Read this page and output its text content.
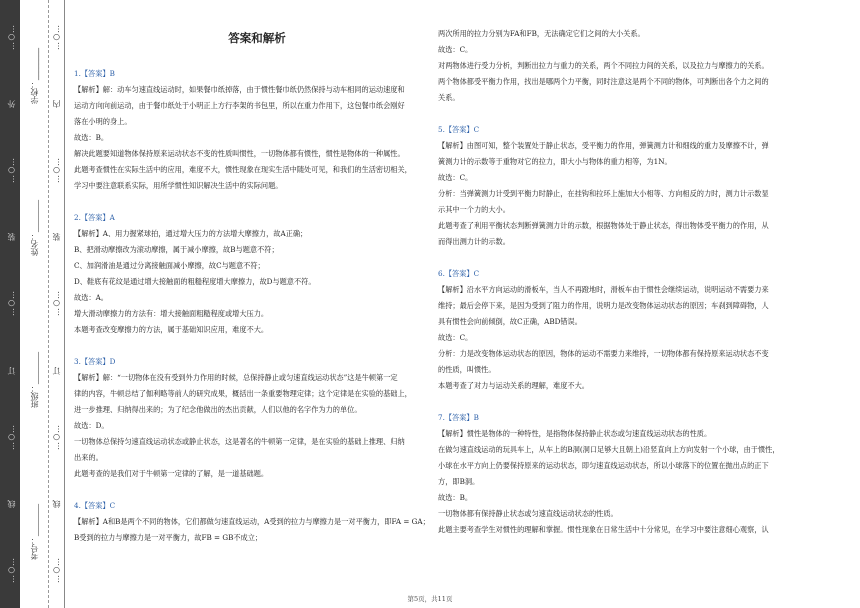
…○…
外
…○…
装
…○…
订
…○…
线
…○…
学校：________
姓名：________
班级：________
考号：________
…○…
内
…○…
装
…○…
订
…○…
线
…○…
答案和解析

1.【答案】B

【解析】解：动车匀速直线运动时，如果餐巾纸掉落，由于惯性餐巾纸仍然保持与动车相同的运动速度和

运动方向向前运动，由于餐巾纸处于小明正上方行李架的书包里，所以在重力作用下，这包餐巾纸会刚好

落在小明的身上。

故选：B。

解决此题要知道物体保持原来运动状态不变的性质叫惯性，一切物体都有惯性，惯性是物体的一种属性。

此题考查惯性在实际生活中的应用，难度不大，惯性现象在现实生活中随处可见，和我们的生活密切相关，

学习中要注意联系实际，用所学惯性知识解决生活中的实际问题。

2.【答案】A

【解析】A、用力握紧球拍，通过增大压力的方法增大摩擦力，故A正确；

B、把滑动摩擦改为滚动摩擦，属于减小摩擦，故B与题意不符；

C、加润滑油是通过分离接触面减小摩擦，故C与题意不符；

D、鞋底有花纹是通过增大接触面的粗糙程度增大摩擦力，故D与题意不符。

故选：A。

增大滑动摩擦力的方法有：增大接触面粗糙程度或增大压力。

本题考查改变摩擦力的方法，属于基础知识应用，难度不大。

3.【答案】D

【解析】解：“一切物体在没有受到外力作用的时候，总保持静止或匀速直线运动状态”这是牛顿第一定

律的内容，牛顿总结了伽利略等前人的研究成果，概括出一条重要物理定律；这个定律是在实验的基础上，

进一步推理、归纳得出来的；为了纪念他做出的杰出贡献，人们以他的名字作为力的单位。

故选：D。

一切物体总保持匀速直线运动状态或静止状态，这是著名的牛顿第一定律，是在实验的基础上推理、归纳

出来的。

此题考查的是我们对于牛顿第一定律的了解，是一道基础题。

4.【答案】C

【解析】A和B是两个不同的物体，它们都做匀速直线运动，A受到的拉力与摩擦力是一对平衡力，即FA = GA；

B受到的拉力与摩擦力是一对平衡力，故FB = GB不成立；

两次所用的拉力分别为FA和FB，无法确定它们之间的大小关系。

故选：C。

对两物体进行受力分析，判断出拉力与重力的关系，两个不同拉力间的关系，以及拉力与摩擦力的关系。

两个物体都受平衡力作用，找出是哪两个力平衡，同时注意这是两个不同的物体，可判断出各个力之间的

关系。

5.【答案】C

【解析】由图可知，整个装置处于静止状态，受平衡力的作用，弹簧测力计和细线的重力及摩擦不计，弹

簧测力计的示数等于重物对它的拉力，即大小与物体的重力相等，为1N。

故选：C。

分析：当弹簧测力计受到平衡力时静止，在挂钩和拉环上施加大小相等、方向相反的力时，测力计示数显

示其中一个力的大小。

此题考查了利用平衡状态判断弹簧测力计的示数，根据物体处于静止状态，得出物体受平衡力的作用，从

而得出测力计的示数。

6.【答案】C

【解析】沿水平方向运动的滑板车，当人不再蹬地时，滑板车由于惯性会继续运动，说明运动不需要力来

维持；最后会停下来，是因为受到了阻力的作用，说明力是改变物体运动状态的原因；车刹到障碍物，人

具有惯性会向前倾倒，故C正确，ABD错误。

故选：C。

分析：力是改变物体运动状态的原因，物体的运动不需要力来维持，一切物体都有保持原来运动状态不变

的性质，叫惯性。

本题考查了对力与运动关系的理解，难度不大。

7.【答案】B

【解析】惯性是物体的一种特性，是指物体保持静止状态或匀速直线运动状态的性质。

在做匀速直线运动的玩具车上，从车上的B洞(洞口足够大且朝上)沿竖直向上方向发射一个小球，由于惯性，

小球在水平方向上仍要保持原来的运动状态，即匀速直线运动状态，所以小球落下的位置在抛出点的正下

方，即B洞。

故选：B。

一切物体都有保持静止状态或匀速直线运动状态的性质。

此题主要考查学生对惯性的理解和掌握。惯性现象在日常生活中十分常见，在学习中要注意细心观察，认

第5页，共11页
